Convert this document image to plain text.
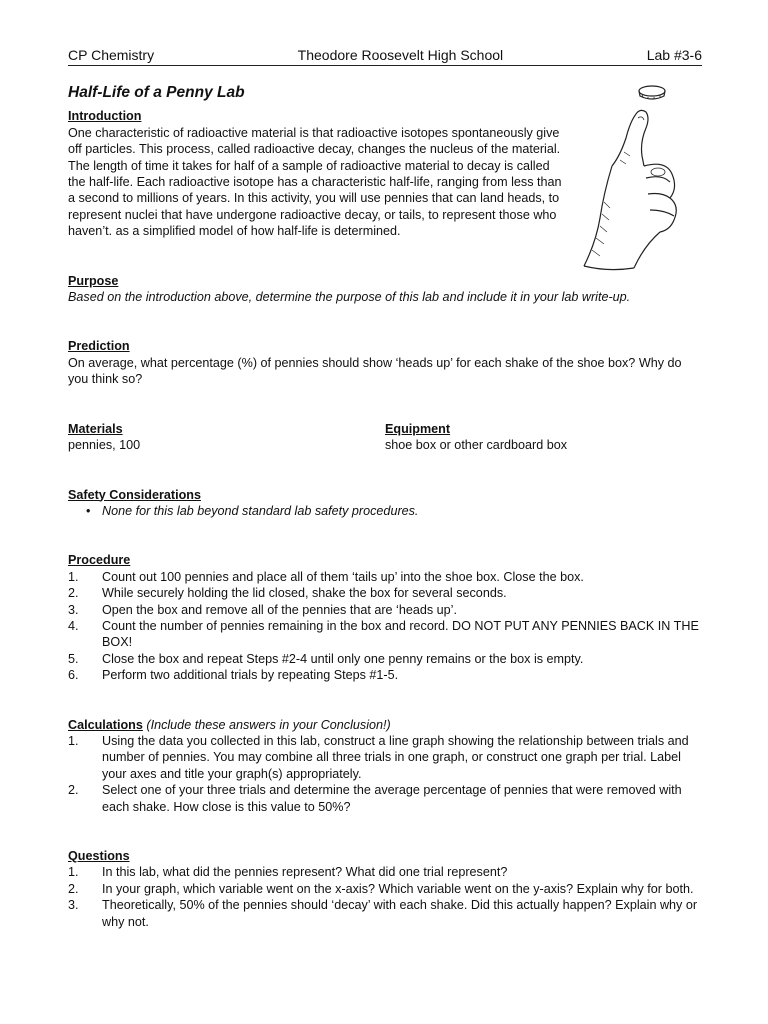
CP Chemistry	Theodore Roosevelt High School	Lab #3-6
Half-Life of a Penny Lab
Introduction
One characteristic of radioactive material is that radioactive isotopes spontaneously give off particles. This process, called radioactive decay, changes the nucleus of the material. The length of time it takes for half of a sample of radioactive material to decay is called the half-life. Each radioactive isotope has a characteristic half-life, ranging from less than a second to millions of years. In this activity, you will use pennies that can land heads, to represent nuclei that have undergone radioactive decay, or tails, to represent those who haven’t. as a simplified model of how half-life is determined.
Purpose
Based on the introduction above, determine the purpose of this lab and include it in your lab write-up.
Prediction
On average, what percentage (%) of pennies should show ‘heads up’ for each shake of the shoe box? Why do you think so?
Materials
pennies, 100
Equipment
shoe box or other cardboard box
Safety Considerations
• None for this lab beyond standard lab safety procedures.
Procedure
1.	Count out 100 pennies and place all of them ‘tails up’ into the shoe box. Close the box.
2.	While securely holding the lid closed, shake the box for several seconds.
3.	Open the box and remove all of the pennies that are ‘heads up’.
4.	Count the number of pennies remaining in the box and record. DO NOT PUT ANY PENNIES BACK IN THE BOX!
5.	Close the box and repeat Steps #2-4 until only one penny remains or the box is empty.
6.	Perform two additional trials by repeating Steps #1-5.
Calculations (Include these answers in your Conclusion!)
1.	Using the data you collected in this lab, construct a line graph showing the relationship between trials and number of pennies. You may combine all three trials in one graph, or construct one graph per trial. Label your axes and title your graph(s) appropriately.
2.	Select one of your three trials and determine the average percentage of pennies that were removed with each shake. How close is this value to 50%?
Questions
1.	In this lab, what did the pennies represent? What did one trial represent?
2.	In your graph, which variable went on the x-axis? Which variable went on the y-axis? Explain why for both.
3.	Theoretically, 50% of the pennies should ‘decay’ with each shake. Did this actually happen? Explain why or why not.
